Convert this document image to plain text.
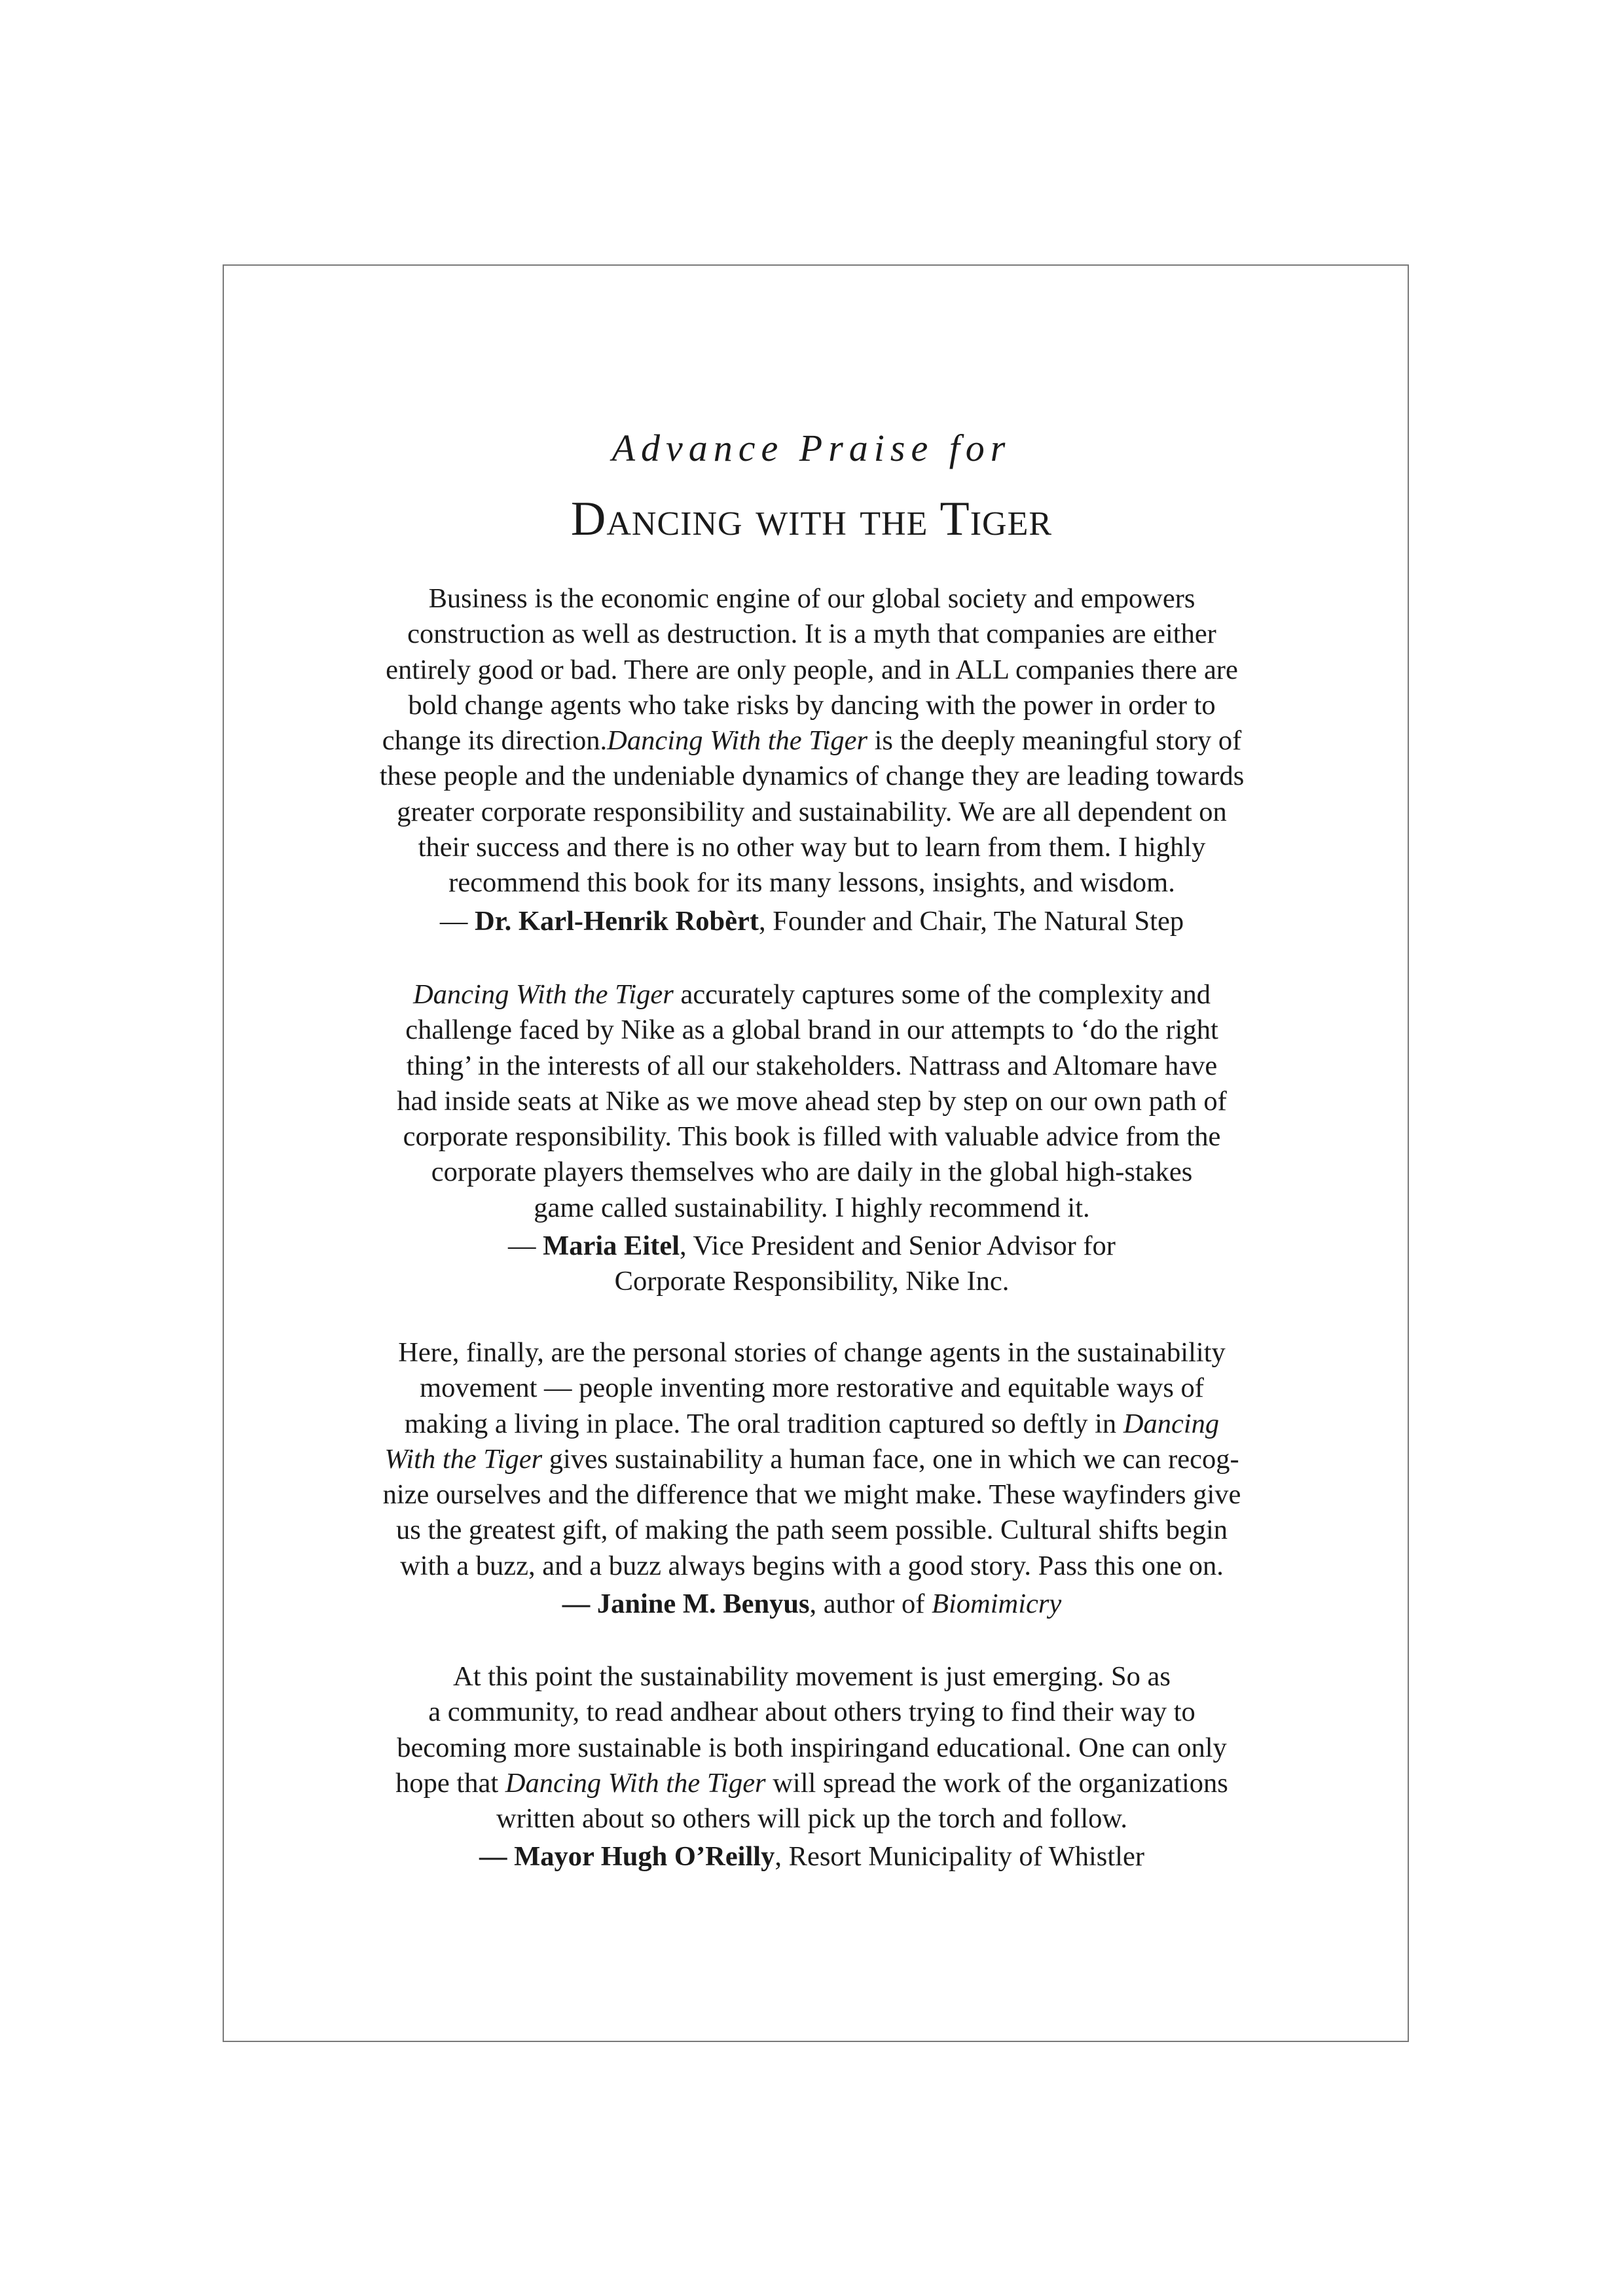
Advance Praise for
Dancing with the Tiger
Business is the economic engine of our global society and empowers
construction as well as destruction. It is a myth that companies are either
entirely good or bad. There are only people, and in ALL companies there are
bold change agents who take risks by dancing with the power in order to
change its direction.Dancing With the Tiger is the deeply meaningful story of
these people and the undeniable dynamics of change they are leading towards
greater corporate responsibility and sustainability. We are all dependent on
their success and there is no other way but to learn from them. I highly
recommend this book for its many lessons, insights, and wisdom.
— Dr. Karl-Henrik Robèrt, Founder and Chair, The Natural Step
Dancing With the Tiger accurately captures some of the complexity and
challenge faced by Nike as a global brand in our attempts to ‘do the right
thing’ in the interests of all our stakeholders. Nattrass and Altomare have
had inside seats at Nike as we move ahead step by step on our own path of
corporate responsibility. This book is filled with valuable advice from the
corporate players themselves who are daily in the global high-stakes
game called sustainability. I highly recommend it.
— Maria Eitel, Vice President and Senior Advisor for
Corporate Responsibility, Nike Inc.
Here, finally, are the personal stories of change agents in the sustainability
movement — people inventing more restorative and equitable ways of
making a living in place. The oral tradition captured so deftly in Dancing
With the Tiger gives sustainability a human face, one in which we can recog-
nize ourselves and the difference that we might make. These wayfinders give
us the greatest gift, of making the path seem possible. Cultural shifts begin
with a buzz, and a buzz always begins with a good story. Pass this one on.
— Janine M. Benyus, author of Biomimicry
At this point the sustainability movement is just emerging. So as
a community, to read andhear about others trying to find their way to
becoming more sustainable is both inspiringand educational. One can only
hope that Dancing With the Tiger will spread the work of the organizations
written about so others will pick up the torch and follow.
— Mayor Hugh O’Reilly, Resort Municipality of Whistler
